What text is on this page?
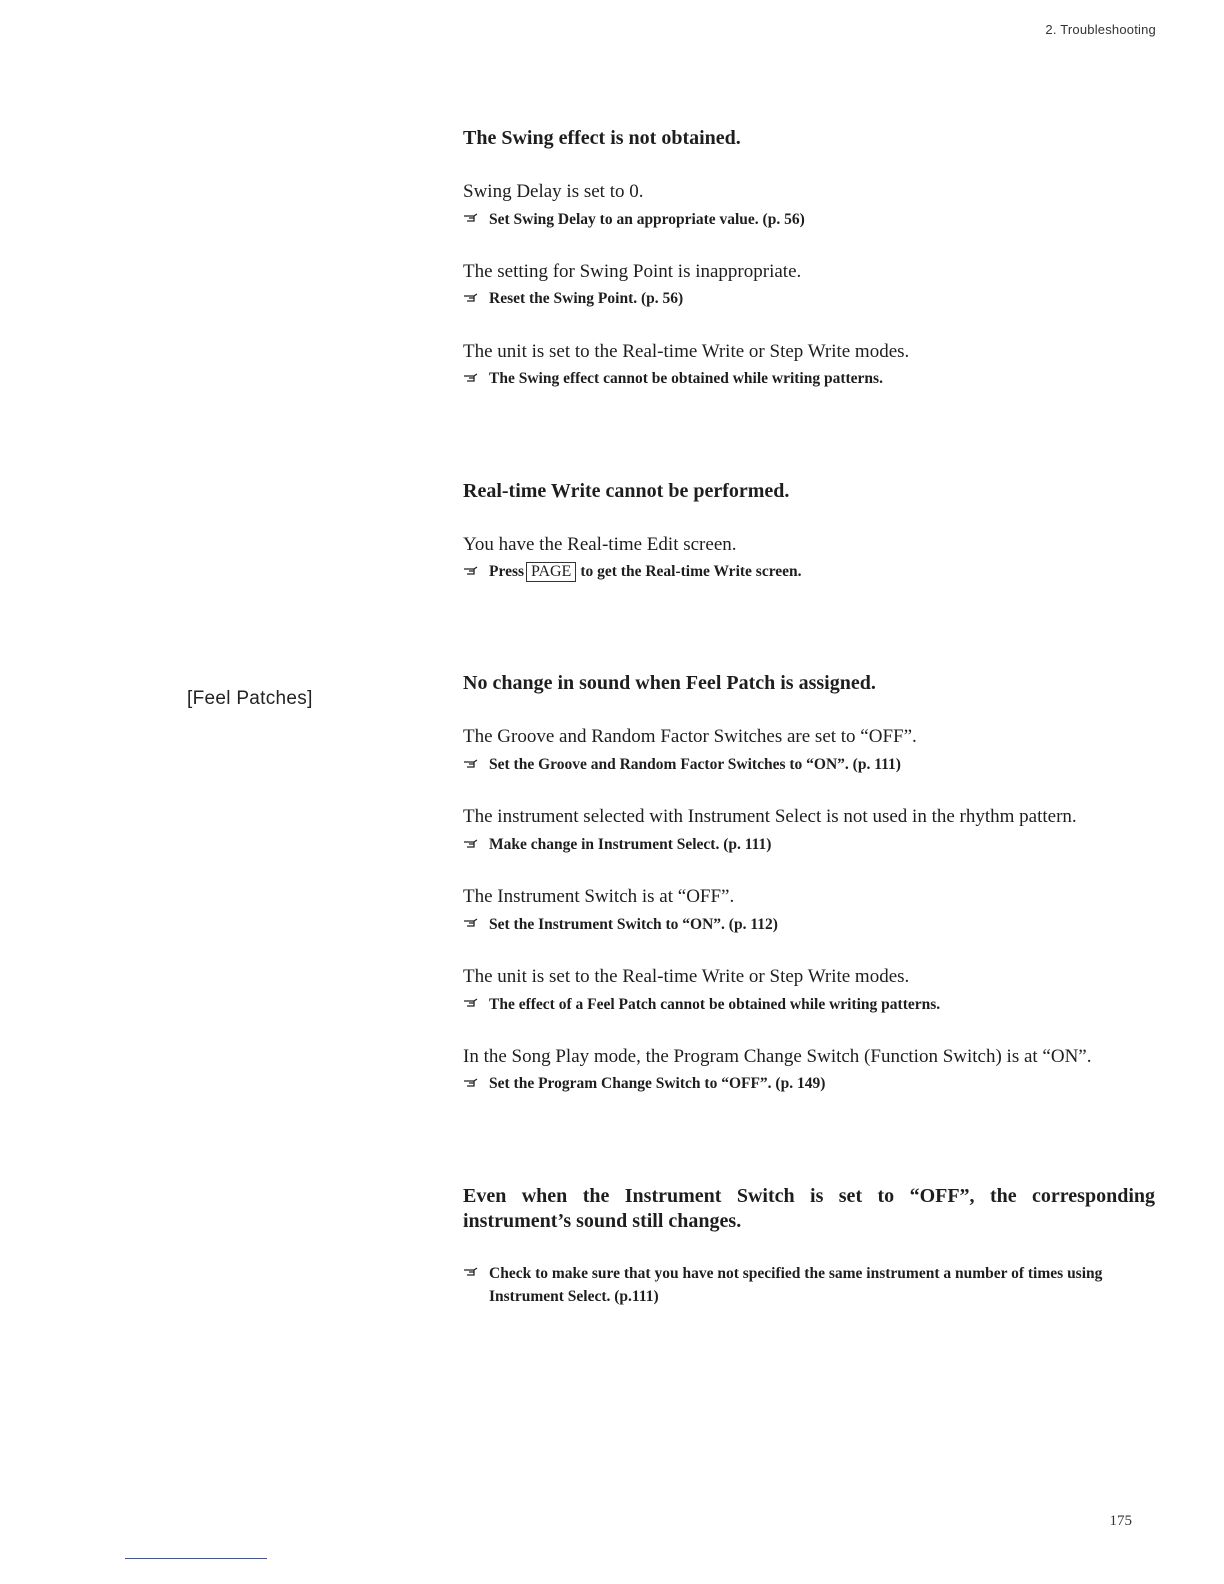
2. Troubleshooting
[Feel Patches]
The Swing effect is not obtained.

Swing Delay is set to 0.

Set Swing Delay to an appropriate value. (p. 56)

The setting for Swing Point is inappropriate.

Reset the Swing Point. (p. 56)

The unit is set to the Real-time Write or Step Write modes.

The Swing effect cannot be obtained while writing patterns.
Real-time Write cannot be performed.

You have the Real-time Edit screen.

Press PAGE to get the Real-time Write screen.
No change in sound when Feel Patch is assigned.

The Groove and Random Factor Switches are set to “OFF”.

Set the Groove and Random Factor Switches to “ON”. (p. 111)

The instrument selected with Instrument Select is not used in the rhythm pattern.

Make change in Instrument Select. (p. 111)

The Instrument Switch is at “OFF”.

Set the Instrument Switch to “ON”. (p. 112)

The unit is set to the Real-time Write or Step Write modes.

The effect of a Feel Patch cannot be obtained while writing patterns.

In the Song Play mode, the Program Change Switch (Function Switch) is at “ON”.

Set the Program Change Switch to “OFF”. (p. 149)
Even when the Instrument Switch is set to “OFF”, the corresponding instrument’s sound still changes.
Check to make sure that you have not specified the same instrument a number of times using Instrument Select. (p.111)
175
